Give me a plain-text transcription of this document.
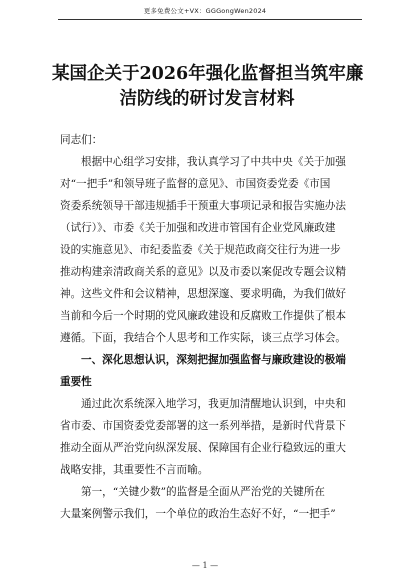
更多免费公文+VX：GGGongWen2024
某国企关于2026年强化监督担当筑牢廉
洁防线的研讨发言材料

同志们：

根据中心组学习安排，我认真学习了中共中央《关于加强
对“一把手”和领导班子监督的意见》、市国资委党委《市国
资委系统领导干部违规插手干预重大事项记录和报告实施办法
（试行）》、市委《关于加强和改进市管国有企业党风廉政建
设的实施意见》、市纪委监委《关于规范政商交往行为进一步
推动构建亲清政商关系的意见》以及市委以案促改专题会议精
神。这些文件和会议精神，思想深邃、要求明确，为我们做好
当前和今后一个时期的党风廉政建设和反腐败工作提供了根本
遵循。下面，我结合个人思考和工作实际，谈三点学习体会。

一、深化思想认识，深刻把握加强监督与廉政建设的极端
重要性

通过此次系统深入地学习，我更加清醒地认识到，中央和
省市委、市国资委党委部署的这一系列举措，是新时代背景下
推动全面从严治党向纵深发展、保障国有企业行稳致远的重大
战略安排，其重要性不言而喻。

第一，“关键少数”的监督是全面从严治党的关键所在
大量案例警示我们，一个单位的政治生态好不好，“一把手”

— 1 —
